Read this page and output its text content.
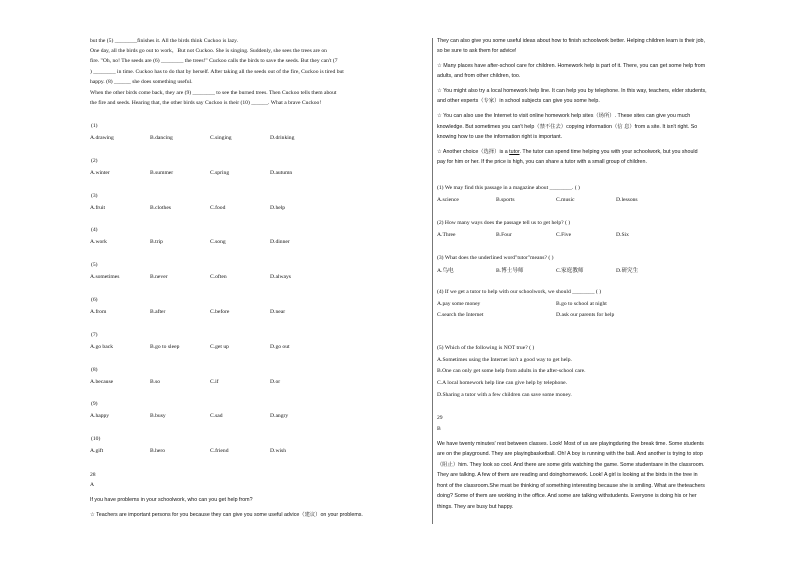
but the (5) ________finishes it. All the birds think Cuckoo is lazy.
One day, all the birds go out to work，But not Cuckoo. She is singing. Suddenly, she sees the trees are on
fire. "Oh, no! The seeds are (6) ________ the trees!" Cuckoo calls the birds to save the seeds. But they can't (7
) ________ in time. Cuckoo has to do that by herself. After taking all the seeds out of the fire, Cuckoo is tired but
happy. (8) ______ she does something useful.
When the other birds come back, they are (9) ________ to see the burned trees. Then Cuckoo tells them about
the fire and seeds. Hearing that, the other birds say Cuckoo is their (10) ______. What a brave Cuckoo!
(1)
A.drawing	B.dancing	C.singing	D.drinking
(2)
A.winter	B.summer	C.spring	D.autumn
(3)
A.fruit	B.clothes	C.food	D.help
(4)
A.work	B.trip	C.song	D.dinner
(5)
A.sometimes	B.never	C.often	D.always
(6)
A.from	B.after	C.before	D.near
(7)
A.go back	B.go to sleep	C.get up	D.go out
(8)
A.because	B.so	C.if	D.or
(9)
A.happy	B.busy	C.sad	D.angry
(10)
A.gift	B.hero	C.friend	D.wish
28
A
If you have problems in your schoolwork, who can you get help from?
☆ Teachers are important persons for you because they can give you some useful advice（建议）on your problems.
They can also give you some useful ideas about how to finish schoolwork better. Helping children learn is their job,
so be sure to ask them for advice!
☆ Many places have after-school care for children. Homework help is part of it. There, you can get some help from
adults, and from other children, too.
☆ You might also try a local homework help line. It can help you by telephone. In this way, teachers, elder students,
and other experts（专家）in school subjects can give you some help.
☆ You can also use the Internet to visit online homework help sites（场所）. These sites can give you much
knowledge. But sometimes you can't help（禁不住去）copying information（信 息）from a site. It isn't right. So
knowing how to use the information right is important.
☆ Another choice（选择）is a tutor. The tutor can spend time helping you with your schoolwork, but you should
pay for him or her. If the price is high, you can share a tutor with a small group of children.
(1) We may find this passage in a magazine about ________. ( )
A.science	B.sports	C.music	D.lessons
(2) How many ways does the passage tell us to get help? ( )
A.Three	B.Four	C.Five	D.Six
(3) What does the underlined word"tutor"means? ( )
A.鸟电	B.博士导师	C.家庭教师	D.研究生
(4) If we get a tutor to help with our schoolwork, we should ________ ( )
A.pay some money	B.go to school at night
C.search the Internet	D.ask our parents for help
(5) Which of the following is NOT true? ( )
A.Sometimes using the Internet isn't a good way to get help.
B.One can only get some help from adults in the after-school care.
C.A local homework help line can give help by telephone.
D.Sharing a tutor with a few children can save some money.
29
B
We have twenty minutes' rest between classes. Look! Most of us are playingduring the break time. Some students
are on the playground. They are playingbasketball. Oh! A boy is running with the ball. And another is trying to stop
（阻止）him. They look so cool. And there are some girls watching the game. Some studentsare in the classroom.
They are talking. A few of them are reading and doinghomework. Look! A girl is looking at the birds in the tree in
front of the classroom.She must be thinking of something interesting because she is smiling. What are theteachers
doing? Some of them are working in the office. And some are talking withstudents. Everyone is doing his or her
things. They are busy but happy.
